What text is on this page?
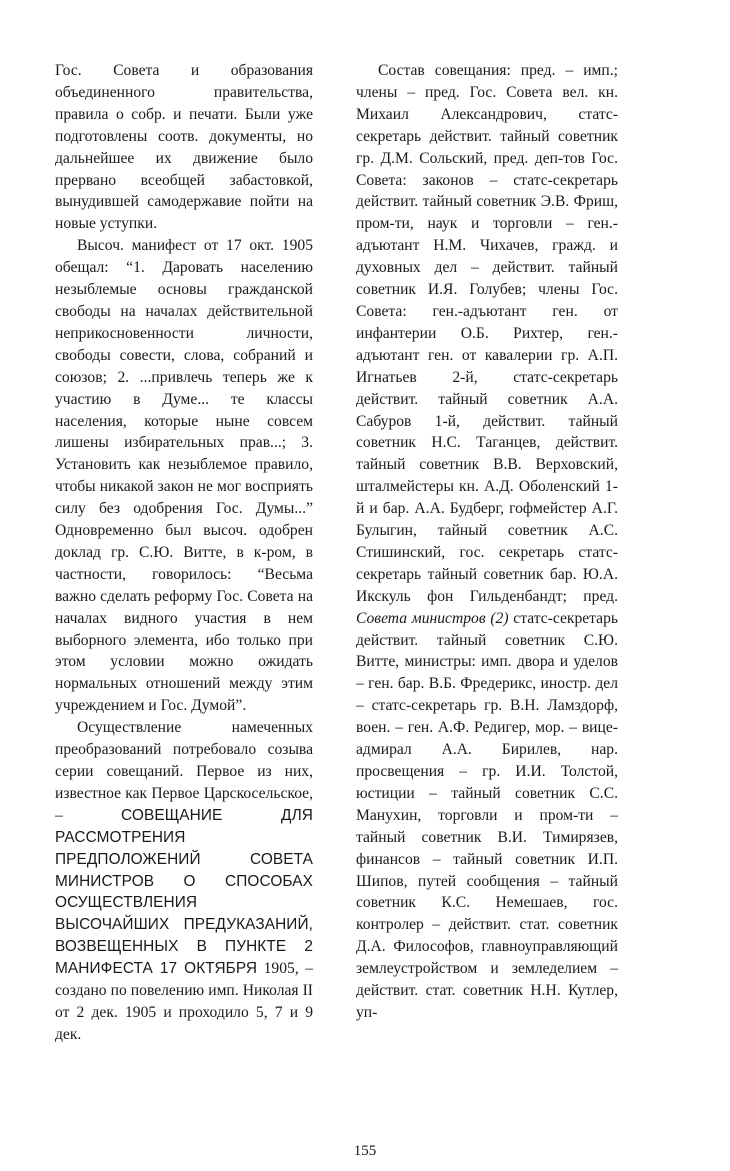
Гос. Совета и образования объединенного правительства, правила о собр. и печати. Были уже подготовлены соотв. документы, но дальнейшее их движение было прервано всеобщей забастовкой, вынудившей самодержавие пойти на новые уступки.

Высоч. манифест от 17 окт. 1905 обещал: “1. Даровать населению незыблемые основы гражданской свободы на началах действительной неприкосновенности личности, свободы совести, слова, собраний и союзов; 2. ...привлечь теперь же к участию в Думе... те классы населения, которые ныне совсем лишены избирательных прав...; 3. Установить как незыблемое правило, чтобы никакой закон не мог восприять силу без одобрения Гос. Думы...” Одновременно был высоч. одобрен доклад гр. С.Ю. Витте, в к-ром, в частности, говорилось: “Весьма важно сделать реформу Гос. Совета на началах видного участия в нем выборного элемента, ибо только при этом условии можно ожидать нормальных отношений между этим учреждением и Гос. Думой”.

Осуществление намеченных преобразований потребовало созыва серии совещаний. Первое из них, известное как Первое Царскосельское, –	СОВЕЩАНИЕ ДЛЯ РАССМОТРЕНИЯ ПРЕДПОЛОЖЕНИЙ СОВЕТА МИНИСТРОВ О СПОСОБАХ ОСУЩЕСТВЛЕНИЯ ВЫСОЧАЙШИХ ПРЕДУКАЗАНИЙ, ВОЗВЕЩЕННЫХ В ПУНКТЕ 2 МАНИФЕСТА 17 ОКТЯБРЯ 1905, – создано по повелению имп. Николая II от 2 дек. 1905 и проходило 5, 7 и 9 дек.

Состав совещания: пред. – имп.; члены – пред. Гос. Совета вел. кн. Михаил Александрович, статс-секретарь действит. тайный советник гр. Д.М. Сольский, пред. деп-тов Гос. Совета: законов – статс-секретарь действит. тайный советник Э.В. Фриш, пром-ти, наук и торговли – ген.-адъютант Н.М. Чихачев, гражд. и духовных дел – действит. тайный советник И.Я. Голубев; члены Гос. Совета: ген.-адъютант ген. от инфантерии О.Б. Рихтер, ген.-адъютант ген. от кавалерии гр. А.П. Игнатьев 2-й, статс-секретарь действит. тайный советник А.А. Сабуров 1-й, действит. тайный советник Н.С. Таганцев, действит. тайный советник В.В. Верховский, шталмейстеры кн. А.Д. Оболенский 1-й и бар. А.А. Будберг, гофмейстер А.Г. Булыгин, тайный советник А.С. Стишинский, гос. секретарь статс-секретарь тайный советник бар. Ю.А. Икскуль фон Гильденбандт; пред. Совета министров (2) статс-секретарь действит. тайный советник С.Ю. Витте, министры: имп. двора и уделов – ген. бар. В.Б. Фредерикс, иностр. дел – статс-секретарь гр. В.Н. Ламздорф, воен. – ген. А.Ф. Редигер, мор. – вице-адмирал А.А. Бирилев, нар. просвещения – гр. И.И. Толстой, юстиции – тайный советник С.С. Манухин, торговли и пром-ти – тайный советник В.И. Тимирязев, финансов – тайный советник И.П. Шипов, путей сообщения – тайный советник К.С. Немешаев, гос. контролер – действит. стат. советник Д.А. Философов, главноуправляющий землеустройством и земледелием – действит. стат. советник Н.Н. Кутлер, уп-

155
